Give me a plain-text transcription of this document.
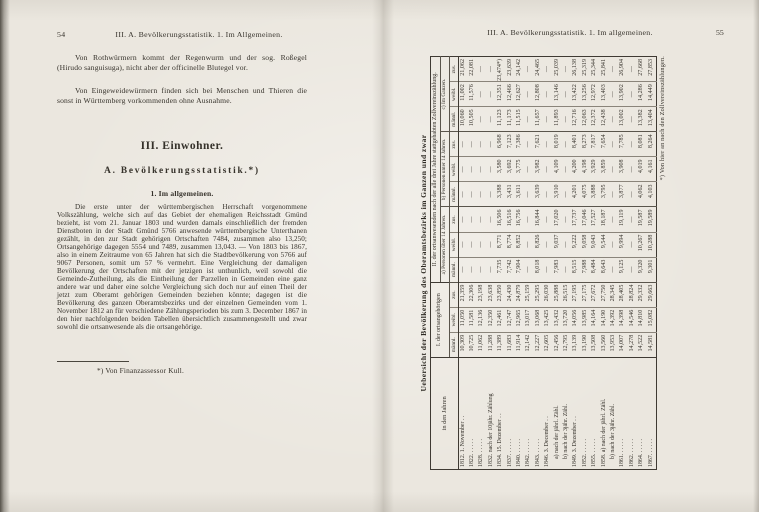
54	III. A. Bevölkerungsstatistik. 1. Im Allgemeinen.
Von Rothwürmern kommt der Regenwurm und der sog. Roßegel (Hirudo sanguisuga), nicht aber der officinelle Blutegel vor.
Von Eingeweidewürmern finden sich bei Menschen und Thieren die sonst in Württemberg vorkommenden ohne Ausnahme.
III. Einwohner.
A. Bevölkerungsstatistik.*)
1. Im allgemeinen.
Die erste unter der württembergischen Herrschaft vorgenommene Volkszählung, welche sich auf das Gebiet der ehemaligen Reichsstadt Gmünd bezieht, ist vom 21. Januar 1803 und wurden damals einschließlich der fremden Dienstboten in der Stadt Gmünd 5766 anwesende württembergische Unterthanen gezählt, in den zur Stadt gehörigen Ortschaften 7484, zusammen also 13,250; Ortsangehörige dagegen 5554 und 7489, zusammen 13,043. — Von 1803 bis 1867, also in einem Zeitraume von 65 Jahren hat sich die Stadtbevölkerung von 5766 auf 9067 Personen, somit um 57 % vermehrt. Eine Vergleichung der damaligen Bevölkerung der Ortschaften mit der jetzigen ist unthunlich, weil sowohl die Gemeinde-Zutheilung, als die Eintheilung der Parzellen in Gemeinden eine ganz andere war und daher eine solche Vergleichung sich doch nur auf einen Theil der jetzt zum Oberamt gehörigen Gemeinden beziehen könnte; dagegen ist die Bevölkerung des ganzen Oberamtsbezirks und der einzelnen Gemeinden vom 1. November 1812 an für verschiedene Zählungsperioden bis zum 3. December 1867 in den hier nachfolgenden beiden Tabellen übersichtlich zusammengestellt und zwar sowohl die ortsanwesende als die ortsangehörige.
*) Von Finanzassessor Kull.
III. A. Bevölkerungsstatistik. 1. Im allgemeinen.	55
Uebersicht der Bevölkerung des Oberamtsbezirks im Ganzen und zwar
in den Jahren	I. der ortsangehörigen			II. der ortsanwesenden nach der alle drei Jahre stattgehabten Zollvereinszählung.								
				a) Personen über 14 Jahren.			b) Personen unter 14 Jahren.			c) Im Ganzen.		
	männl.	weibl.	zus.	männl.	weibl.	zus.	männl.	weibl.	zus.	männl.	weibl.	zus.
1812. 1. November . .	10,309	11,050	21,359	—	—	—	—	—	—	10,060	11,002	21,062
1822. . . . . .	10,725	11,581	22,306	—	—	—	—	—	—	10,505	11,576	22,081
1828. . . . . .	11,062	12,136	23,198	—	—	—	—	—	—	—	—	—
1832. nach der 10jähr. Zählung	11,288	12,350	23,638	—	—	—	—	—	—	—	—	—
1834. 15. Dezember . .	11,389	12,461	23,850	7,735	8,771	16,506	3,388	3,580	6,968	11,123	12,351	23,474*)
1837. . . . . .	11,683	12,747	24,430	7,742	8,774	16,516	3,431	3,692	7,123	11,173	12,466	23,639
1840. . . . . .	11,914	12,965	24,879	7,904	8,852	16,756	3,611	3,775	7,386	11,515	12,627	24,142
1842. . . . . .	12,142	13,017	25,159	—	—	—	—	—	—	—	—	—
1843. . . . . .	12,227	13,068	25,295	8,018	8,826	16,844	3,639	3,982	7,621	11,657	12,808	24,465
1846. 3. December . .	12,605	13,425	26,030	—	—	—	—	—	—	—	—	—
a) nach der jährl. Zähl.	12,456	13,432	25,888	7,983	9,037	17,020	3,910	4,109	8,019	11,893	13,146	25,039
b) nach der 3jähr. Zähl.	12,795	13,720	26,515	—	—	—	—	—	—	—	—	—
1849. 3. Dezember . .	13,139	14,056	27,195	8,515	9,222	17,737	4,201	4,200	8,401	12,716	13,422	26,138
1852. . . . . .	13,190	13,985	27,175	7,988	9,058	17,046	4,075	4,198	8,273	12,063	13,256	25,319
1855. . . . . .	13,508	14,164	27,672	8,484	9,043	17,527	3,888	3,929	7,817	12,372	12,972	25,344
1858. a) nach der jährl. Zähl.	13,560	14,190	27,750	8,643	9,544	18,187	3,795	3,859	7,654	12,438	13,403	25,841
b) nach der 3jähr. Zähl.	13,953	14,392	28,345	—	—	—	—	—	—	—	—	—
1861. . . . . .	14,007	14,398	28,405	9,125	9,994	19,119	3,877	3,908	7,785	13,002	13,902	26,904
1862. . . . . .	14,278	14,546	28,824	—	—	—	—	—	—	—	—	—
1864. . . . . .	14,522	14,810	29,332	9,320	10,267	19,587	4,062	4,019	8,081	13,382	14,286	27,668
1867. . . . . .	14,581	15,082	29,663	9,301	10,288	19,589	4,103	4,161	8,264	13,404	14,449	27,853 *) Von hier an nach den Zollvereinszählungen.
